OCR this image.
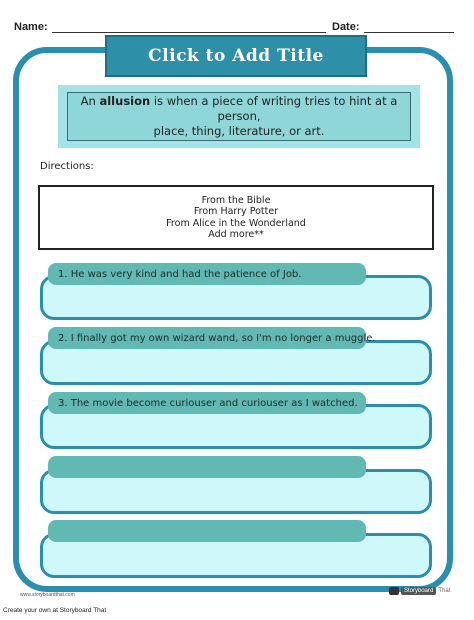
Name:	Date:
Click to Add Title
An allusion is when a piece of writing tries to hint at a person,
place, thing, literature, or art.
Directions:
From the Bible
From Harry Potter
From Alice in the Wonderland
Add more**
1. He was very kind and had the patience of Job.
2. I finally got my own wizard wand, so I'm no longer a muggle.
3. The movie become curiouser and curiouser as I watched.
www.storyboardthat.com
Storyboard That
Create your own at Storyboard That
